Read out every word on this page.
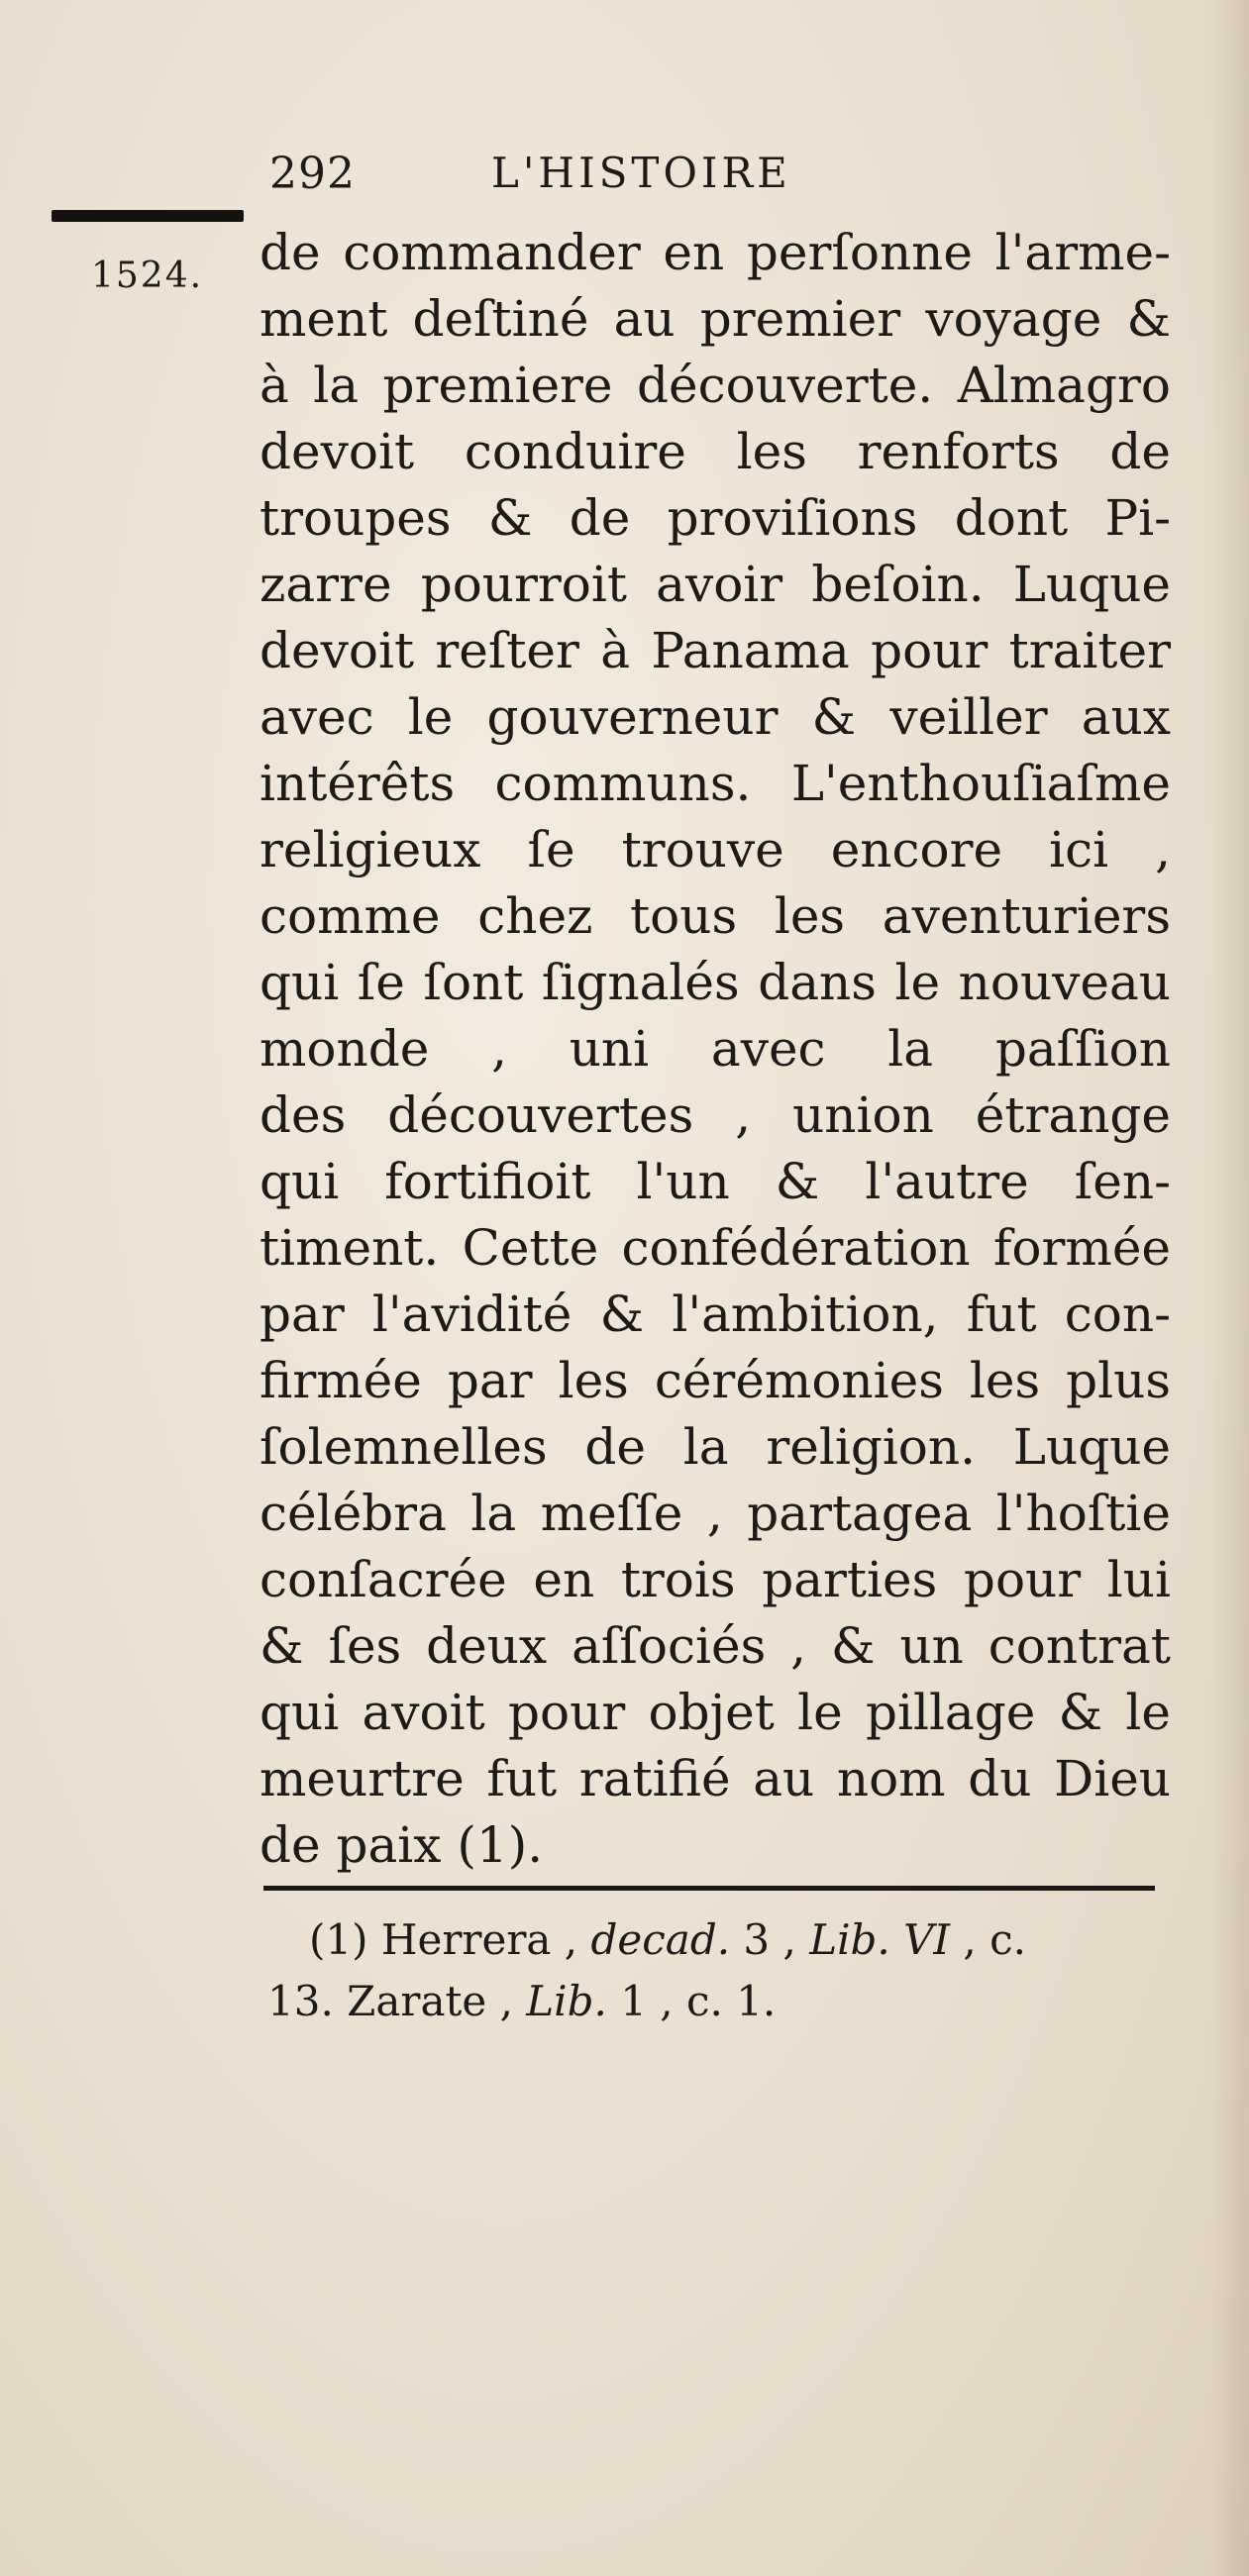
292	L'HISTOIRE
1524. de commander en perſonne l'arme-
ment deſtiné au premier voyage &
à la premiere découverte. Almagro
devoit conduire les renforts de
troupes & de proviſions dont Pi-
zarre pourroit avoir beſoin. Luque
devoit reſter à Panama pour traiter
avec le gouverneur & veiller aux
intérêts communs. L'enthouſiaſme
religieux ſe trouve encore ici ,
comme chez tous les aventuriers
qui ſe ſont ſignalés dans le nouveau
monde , uni avec la paſſion
des découvertes , union étrange
qui fortifioit l'un & l'autre ſen-
timent. Cette confédération formée
par l'avidité & l'ambition, fut con-
firmée par les cérémonies les plus
ſolemnelles de la religion. Luque
célébra la meſſe , partagea l'hoſtie
conſacrée en trois parties pour lui
& ſes deux aſſociés , & un contrat
qui avoit pour objet le pillage & le
meurtre fut ratifié au nom du Dieu
de paix (1).
(1) Herrera , decad. 3 , Lib. VI , c.
13. Zarate , Lib. 1 , c. 1.
